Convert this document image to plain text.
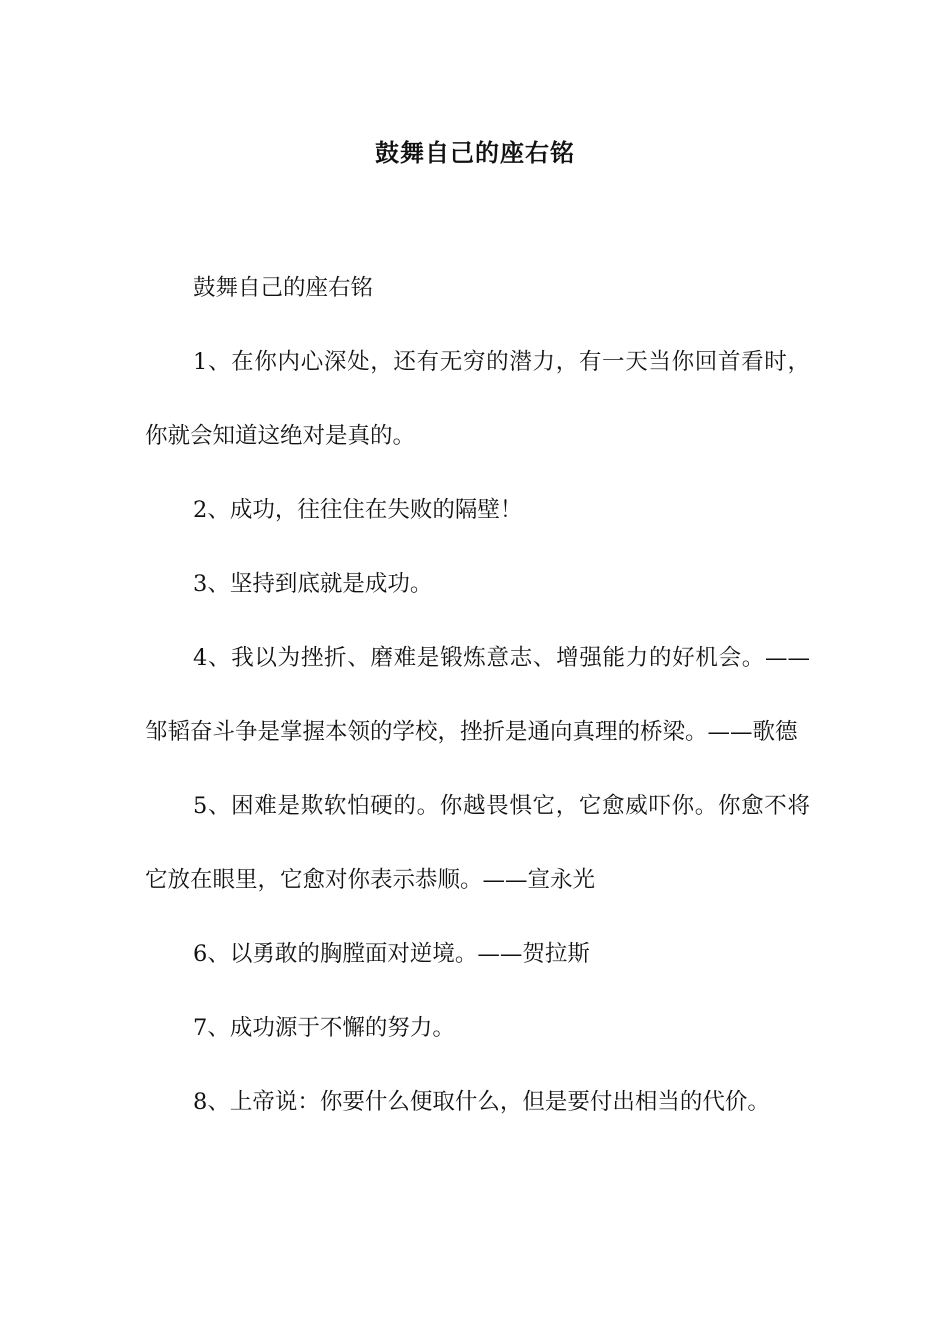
鼓舞自己的座右铭

鼓舞自己的座右铭

1、在你内心深处，还有无穷的潜力，有一天当你回首看时，你就会知道这绝对是真的。

2、成功，往往住在失败的隔壁！

3、坚持到底就是成功。

4、我以为挫折、磨难是锻炼意志、增强能力的好机会。——邹韬奋斗争是掌握本领的学校，挫折是通向真理的桥梁。——歌德

5、困难是欺软怕硬的。你越畏惧它，它愈威吓你。你愈不将它放在眼里，它愈对你表示恭顺。——宣永光

6、以勇敢的胸膛面对逆境。——贺拉斯

7、成功源于不懈的努力。

8、上帝说：你要什么便取什么，但是要付出相当的代价。
